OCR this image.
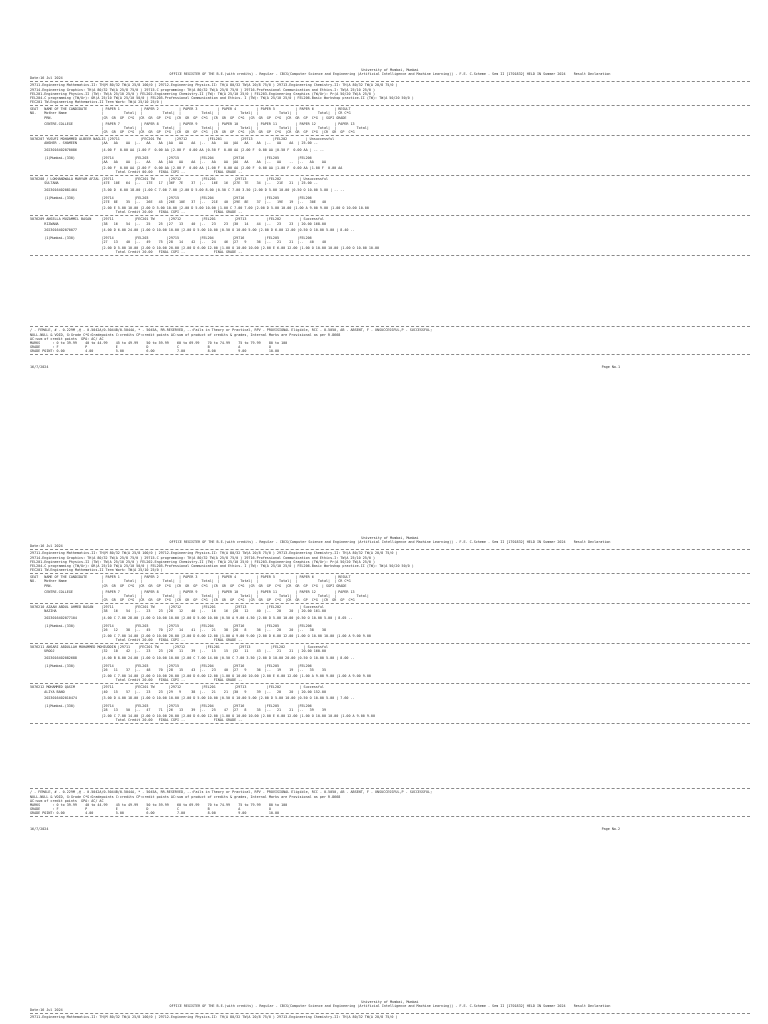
University of Mumbai, Mumbai
OFFICE REGISTER OF THE B.E.(with credits) - Regular - CBCS(Computer Science and Engineering (Artificial Intelligence and Machine Learning)) - F.E. C-Scheme - Sem II [1T01832] HELD IN Summer 2024    Result Declaration
Date:16 Jul 2024
29711-Engineering Mathematics-II: TH(M 80/32 TW(A 25/8 100/0 ) 29712-Engineering Physics-II: TH(A 80/32 TW(A 20/8 75/0 ) 29713-Engineering Chemistry-II: TH(A 80/32 TW(A 20/8 75/0 )
29714-Engineering Graphics: TH(A 80/32 TW(A 25/8 75/0 ) 29715-C programming: TH(A 80/32 TW(A 25/8 75/0 ) 29716-Professional Communication and Ethics-I: TW(A 25/10 25/0 )
FEL201-Engineering Physics-II (TW): TW(A 25/10 25/0 ) FEL202-Engineering Chemistry-II (TW): TW(A 25/10 25/0 ) FEL203-Engineering Graphics (TW/Or): Pr(A 50/20 TW(A 25/0 )
FEL204-C programming (TW/Or): OR(A 25/10 TW(A 25/10 50/0 ) FEL205-Professional Communication and Ethics- I (TW): TW(A 25/10 25/0 ) FEL206-Basic Workshop practice-II (TW): TW(A 50/20 50/0 )
FEC201 TW-Engineering Mathematics-II Term Work: TW(A 25/10 25/0 )
SEAT   NAME OF THE CANDIDATE       | PAPER 1          | PAPER 2          | PAPER 3          | PAPER 4          | PAPER 5          | PAPER 6          | RESULT
NO.    Mother Name                 |          Total|  |          Total|  |          Total|  |          Total|  |          Total|  |          Total|  | CR C*G
PRN.                        |CR  GR  GP  C*G  |CR  GR  GP  C*G  |CR  GR  GP  C*G  |CR  GR  GP  C*G  |CR  GR  GP  C*G  |CR  GR  GP  C*G  | SGPI GRADE
CENTRE-COLLEGE              | PAPER 7          | PAPER 8          | PAPER 9          | PAPER 10         | PAPER 11         | PAPER 12         | PAPER 13
|          Total|  |          Total|  |          Total|  |          Total|  |          Total|  |          Total|  |          Total|
|CR  GR  GP  C*G  |CR  GR  GP  C*G  |CR  GR  GP  C*G  |CR  GR  GP  C*G  |CR  GR  GP  C*G  |CR  GR  GP  C*G  |CR  GR  GP  C*G
5076207 YUSUFI MOHAMMED ALBEER NAGLIS |29711          |FEC201 TW       |29712          |FEL201         |29713          |FEL202         | Unsuccessful
ANSHER - SHAMEEN            |AA   AA    AA  |--   AA    AA  |AA   AA    AA  |--   AA    AA  |AA   AA    AA  |--   AA    AA  | 25.00 --
2023016402070086            |4.00 F  0.00 AA |1.00 F  0.00 AA |2.00 F  0.00 AA |0.50 F  0.00 AA |2.00 F  0.00 AA |0.50 F  0.00 AA | -- --
(1)Mumbai-(330)             |29714          |FEL203         |29715          |FEL204         |29716          |FEL205         |FEL206
|AA   AA    AA  |--   AA    AA  |AA   AA    AA  |--   AA    AA  |AA   AA    AA  |--   AA    --  |--   AA    AA
|2.00 F  0.00 AA |2.00 F  0.00 AA |2.00 F  0.00 AA |1.00 F  0.00 AA |2.00 F  0.00 AA |1.00 F  0.00 AA |1.00 F  0.00 AA
Total Credit 00.00   FINAL CGPI --              FINAL GRADE --
5076208 / LOKHANDWALA MARYAM AFZAL |29711          |FEC201 TW       |29712          |FEL201         |29713          |FEL202         | Unsuccessful
SULTANA                     |47E  10E   64  |--   17E   17  |36F  7E    37  |--   16E   16  |27E  7E    34  |--   21E   21  | 25.00 --
2023016402081464            |3.00 D  6.00 18.00 |1.00 C 7.00 7.00 |2.00 D 5.00 8.00 |0.50 C 7.00 3.50 |2.00 D 5.00 10.00 |0.50 O 10.00 5.00 | -- --
(1)Mumbai-(330)             |29714          |FEL203         |29715          |FEL204         |29716          |FEL205         |FEL206
|27E  8E    35  |--   26E   45  |26E  10E   37  |--   21E   40  |29E  8E    37  |--   19E   19  |--   30E   40
|2.00 E 5.00 10.00 |2.00 D 5.00 10.00 |2.00 D 5.00 10.00 |1.00 C 7.00 7.00 |2.00 D 5.00 10.00 |1.00 A 9.00 9.00 |1.00 O 10.00 10.00
Total Credit 20.00   FINAL CGPI --              FINAL GRADE --
5076209 ANSELLA MUZAMMIL BASAN     |29711          |FEC201 TW       |29712          |FEL201         |29713          |FEL202         | Successful
RIZWANA                     |38   16    54  |--   25    25  |27   13    40  |--   23    23  |30   14    44  |--   23    23  | 20.00 168.00
2023016402070077            |4.00 D 6.00 24.00 |1.00 O 10.00 10.00 |2.00 D 5.00 10.00 |0.50 O 10.00 5.00 |2.00 D 6.00 12.00 |0.50 O 10.00 5.00 | 8.40 --
(1)Mumbai-(330)             |29714          |FEL203         |29715          |FEL204         |29716          |FEL205         |FEL206
|27   13    40  |--   49    75  |28   14    42  |--   24    46  |27   9     36  |--   21    21  |--   40    40
|2.00 D 5.00 10.00 |2.00 O 10.00 20.00 |2.00 D 6.00 12.00 |1.00 O 10.00 10.00 |2.00 E 6.00 12.00 |1.00 O 10.00 10.00 |1.00 O 10.00 10.00
Total Credit 20.00   FINAL CGPI --              FINAL GRADE --
/ - FEMALE, # - 0.229M ,@ - 0.5042A/0.5044B/0.5044A, * - 5045A, RR-RESERVED, --:Fails in Theory or Practical, RPV - PROVISIONAL Eligible, RCC - 0.5050, AB - ABSENT, F - UNSUCCESSFUL,P - SUCCESSFUL;
NULL-NULL & VOID, G:Grade C*G:Gradepoints C:credits CP:credit points AC:sum of product of credits & grades, Internal Marks are Provisional as per R.8668
AC:sum of credit points  GPA: AC/ AC
MARKS      : 0 to 39.99    40 to 44.99    45 to 49.99    50 to 59.99    60 to 69.99    70 to 74.99    75 to 79.99    80 to 100
GRADE      : F             P              E              D              C              B              A              O
GRADE POINT: 0.00          4.00           5.00           6.00           7.00           8.00           9.00           10.00
16/7/2024	Page No.1
University of Mumbai, Mumbai
OFFICE REGISTER OF THE B.E.(with credits) - Regular - CBCS(Computer Science and Engineering (Artificial Intelligence and Machine Learning)) - F.E. C-Scheme - Sem II [1T01832] HELD IN Summer 2024    Result Declaration
Date:16 Jul 2024
29711-Engineering Mathematics-II: TH(M 80/32 TW(A 25/8 100/0 ) 29712-Engineering Physics-II: TH(A 80/32 TW(A 20/8 75/0 ) 29713-Engineering Chemistry-II: TH(A 80/32 TW(A 20/8 75/0 )
29714-Engineering Graphics: TH(A 80/32 TW(A 25/8 75/0 ) 29715-C programming: TH(A 80/32 TW(A 25/8 75/0 ) 29716-Professional Communication and Ethics-I: TW(A 25/10 25/0 )
FEL201-Engineering Physics-II (TW): TW(A 25/10 25/0 ) FEL202-Engineering Chemistry-II (TW): TW(A 25/10 25/0 ) FEL203-Engineering Graphics (TW/Or): Pr(A 50/20 TW(A 25/0 )
FEL204-C programming (TW/Or): OR(A 25/10 TW(A 25/10 50/0 ) FEL205-Professional Communication and Ethics- I (TW): TW(A 25/10 25/0 ) FEL206-Basic Workshop practice-II (TW): TW(A 50/20 50/0 )
FEC201 TW-Engineering Mathematics-II Term Work: TW(A 25/10 25/0 )
SEAT   NAME OF THE CANDIDATE       | PAPER 1          | PAPER 2          | PAPER 3          | PAPER 4          | PAPER 5          | PAPER 6          | RESULT
NO.    Mother Name                 |          Total|  |          Total|  |          Total|  |          Total|  |          Total|  |          Total|  | CR C*G
PRN.                        |CR  GR  GP  C*G  |CR  GR  GP  C*G  |CR  GR  GP  C*G  |CR  GR  GP  C*G  |CR  GR  GP  C*G  |CR  GR  GP  C*G  | SGPI GRADE
CENTRE-COLLEGE              | PAPER 7          | PAPER 8          | PAPER 9          | PAPER 10         | PAPER 11         | PAPER 12         | PAPER 13
|          Total|  |          Total|  |          Total|  |          Total|  |          Total|  |          Total|  |          Total|
|CR  GR  GP  C*G  |CR  GR  GP  C*G  |CR  GR  GP  C*G  |CR  GR  GP  C*G  |CR  GR  GP  C*G  |CR  GR  GP  C*G  |CR  GR  GP  C*G
5076210 AZAAN ABDUL AHMED BASAN    |29711          |FEC201 TW       |29712          |FEL201         |29713          |FEL202         | Successful
NAZIHA                      |38   16    54  |--   23    23  |28   12    40  |--   16    16  |28   12    40  |--   20    20  | 20.00 161.00
2023016402077104            |4.00 C 7.00 28.00 |1.00 O 10.00 10.00 |2.00 D 5.00 10.00 |0.50 A 9.00 4.50 |2.00 D 5.00 10.00 |0.50 O 10.00 5.00 | 8.05 --
(1)Mumbai-(330)             |29714          |FEL203         |29715          |FEL204         |29716          |FEL205         |FEL206
|26   12    38  |--   45    70  |27   14    41  |--   21    38  |28   8     36  |--   20    20  |--   38    38
|2.00 C 7.00 14.00 |2.00 O 10.00 20.00 |2.00 D 6.00 12.00 |1.00 A 9.00 9.00 |2.00 D 6.00 12.00 |1.00 O 10.00 10.00 |1.00 A 9.00 9.00
Total Credit 20.00   FINAL CGPI --              FINAL GRADE --
5076211 ANSARI ABDULLAH MOHAMMED MOHIUDDIN |29711    |FEC201 TW       |29712          |FEL201         |29713          |FEL202         | Successful
UROOJ                       |32   10    42  |--   23    23  |28   11    39  |--   15    15  |32   11    43  |--   21    21  | 20.00 160.00
2023016402082688            |4.00 B 8.00 24.00 |1.00 O 10.00 10.00 |2.00 C 7.00 14.00 |0.50 C 7.00 3.50 |2.00 D 10.00 20.00 |0.50 O 10.00 5.00 | 8.00 --
(1)Mumbai-(330)             |29714          |FEL203         |29715          |FEL204         |29716          |FEL205         |FEL206
|26   11    37  |--   48    70  |28   15    43  |--   23    40  |27   9     36  |--   19    19  |--   35    35
|2.00 C 7.00 14.00 |2.00 O 10.00 20.00 |2.00 D 6.00 12.00 |1.00 O 10.00 10.00 |2.00 E 6.00 12.00 |1.00 A 9.00 9.00 |1.00 A 9.00 9.00
Total Credit 20.00   FINAL CGPI --              FINAL GRADE --
5076212 MOHAMMED QASIM             |29711          |FEC201 TW       |29712          |FEL201         |29713          |FEL202         | Successful
ALIYA BANO                  |40   15    57  |--   23    23  |29   9     38  |--   21    21  |30   9     39  |--   20    20  | 20.00 152.00
2023016402010474            |3.00 D 4.00 18.00 |1.00 O 10.00 10.00 |2.00 D 5.00 10.00 |0.50 O 10.00 5.00 |2.00 D 5.00 10.00 |0.50 O 10.00 5.00 | 7.60 --
(1)Mumbai-(330)             |29714          |FEL203         |29715          |FEL204         |29716          |FEL205         |FEL206
|28   13    50  |--   47    71  |26   13    39  |--   25    47  |27   8     35  |--   21    21  |--   39    39
|2.00 C 7.00 14.00 |2.00 O 10.00 20.00 |2.00 D 6.00 12.00 |1.00 O 10.00 10.00 |2.00 E 6.00 12.00 |1.00 O 10.00 10.00 |1.00 A 9.00 9.00
Total Credit 20.00   FINAL CGPI --              FINAL GRADE --
/ - FEMALE, # - 0.229M ,@ - 0.5042A/0.5044B/0.5044A, * - 5045A, RR-RESERVED, --:Fails in Theory or Practical, RPV - PROVISIONAL Eligible, RCC - 0.5050, AB - ABSENT, F - UNSUCCESSFUL,P - SUCCESSFUL;
NULL-NULL & VOID, G:Grade C*G:Gradepoints C:credits CP:credit points AC:sum of product of credits & grades, Internal Marks are Provisional as per R.8668
AC:sum of credit points  GPA: AC/ AC
MARKS      : 0 to 39.99    40 to 44.99    45 to 49.99    50 to 59.99    60 to 69.99    70 to 74.99    75 to 79.99    80 to 100
GRADE      : F             P              E              D              C              B              A              O
GRADE POINT: 0.00          4.00           5.00           6.00           7.00           8.00           9.00           10.00
16/7/2024	Page No.2
University of Mumbai, Mumbai
OFFICE REGISTER OF THE B.E.(with credits) - Regular - CBCS(Computer Science and Engineering (Artificial Intelligence and Machine Learning)) - F.E. C-Scheme - Sem II [1T01832] HELD IN Summer 2024    Result Declaration
Date:16 Jul 2024
29711-Engineering Mathematics-II: TH(M 80/32 TW(A 25/8 100/0 ) 29712-Engineering Physics-II: TH(A 80/32 TW(A 20/8 75/0 ) 29713-Engineering Chemistry-II: TH(A 80/32 TW(A 20/8 75/0 )
